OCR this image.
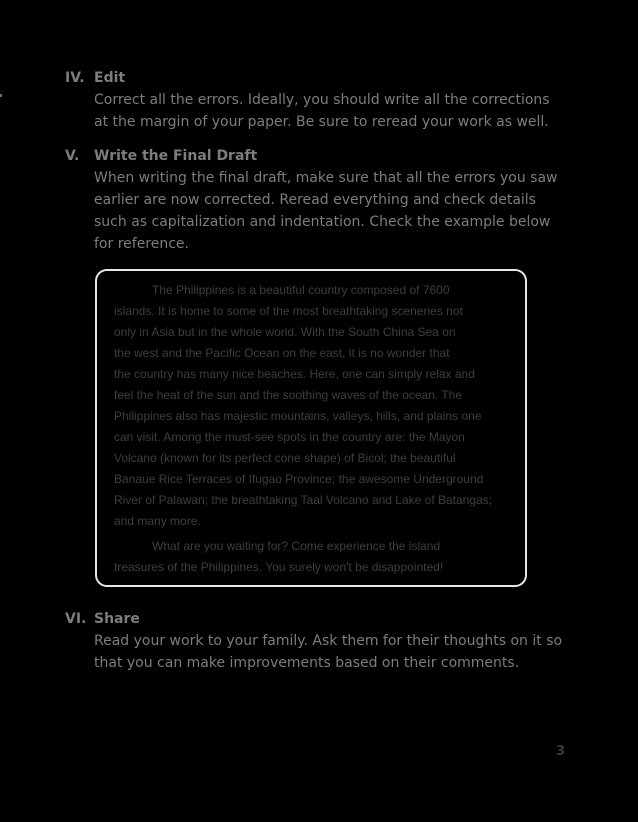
IV. Edit

Correct all the errors. Ideally, you should write all the corrections
at the margin of your paper. Be sure to reread your work as well.

V. Write the Final Draft

When writing the final draft, make sure that all the errors you saw
earlier are now corrected. Reread everything and check details
such as capitalization and indentation. Check the example below
for reference.

The Philippines is a beautiful country composed of 7600
islands. It is home to some of the most breathtaking sceneries not
only in Asia but in the whole world. With the South China Sea on
the west and the Pacific Ocean on the east, it is no wonder that
the country has many nice beaches. Here, one can simply relax and
feel the heat of the sun and the soothing waves of the ocean. The
Philippines also has majestic mountains, valleys, hills, and plains one
can visit. Among the must-see spots in the country are: the Mayon
Volcano (known for its perfect cone shape) of Bicol; the beautiful
Banaue Rice Terraces of Ifugao Province; the awesome Underground
River of Palawan; the breathtaking Taal Volcano and Lake of Batangas;
and many more.

What are you waiting for? Come experience the island
treasures of the Philippines. You surely won't be disappointed!

VI. Share

Read your work to your family. Ask them for their thoughts on it so
that you can make improvements based on their comments.

3
